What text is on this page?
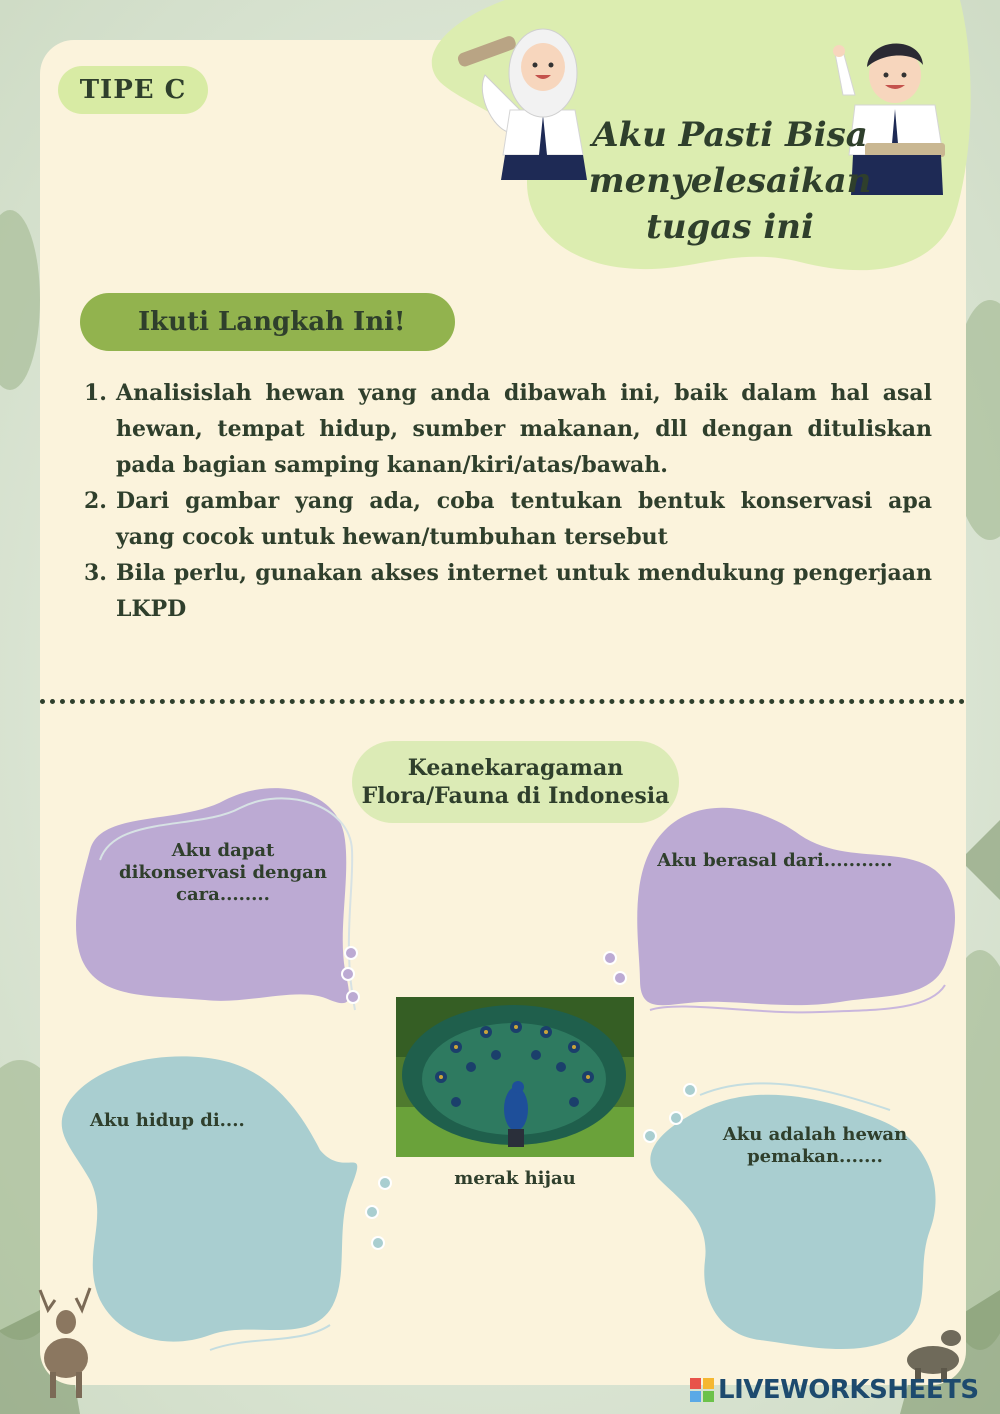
TIPE C
Aku Pasti Bisa
menyelesaikan
tugas ini
Ikuti Langkah Ini!
1. Analisislah hewan yang anda dibawah ini, baik dalam hal asal hewan, tempat hidup, sumber makanan, dll dengan dituliskan pada bagian samping kanan/kiri/atas/bawah.
2. Dari gambar yang ada, coba tentukan bentuk konservasi apa yang cocok untuk hewan/tumbuhan tersebut
3. Bila perlu, gunakan akses internet untuk mendukung pengerjaan LKPD
Keanekaragaman
Flora/Fauna di Indonesia
Aku dapat dikonservasi dengan cara........
Aku berasal dari...........
Aku hidup di....
Aku adalah hewan pemakan.......
merak hijau
LIVEWORKSHEETS
